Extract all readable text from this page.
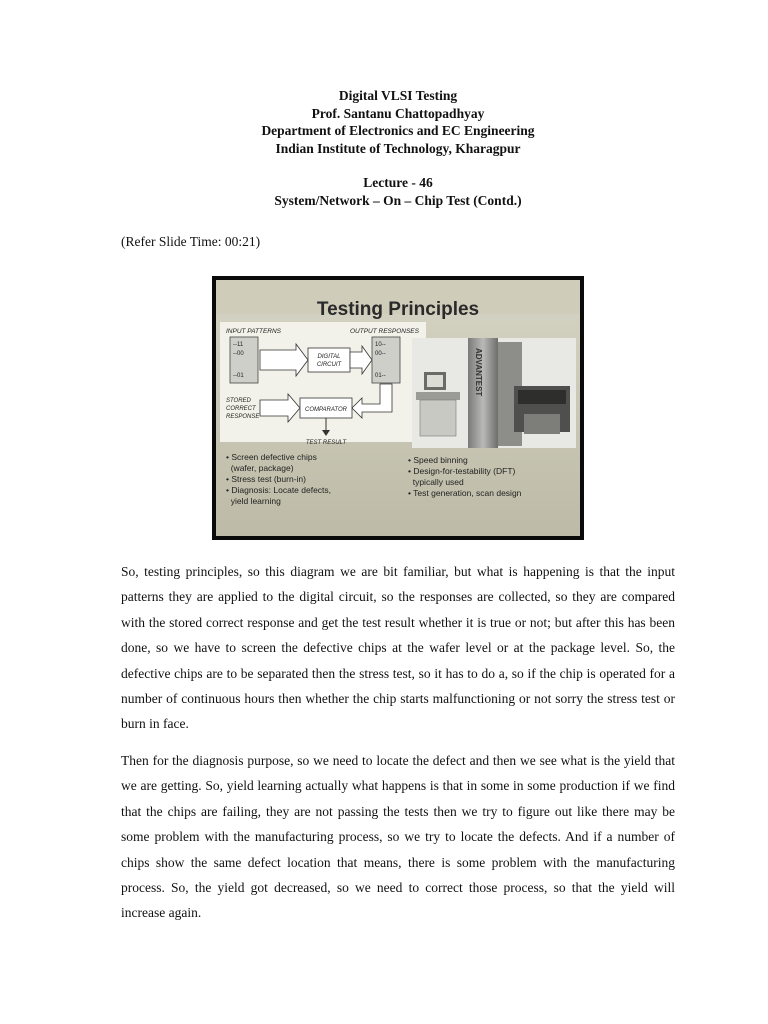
Digital VLSI Testing
Prof. Santanu Chattopadhyay
Department of Electronics and EC Engineering
Indian Institute of Technology, Kharagpur
Lecture - 46
System/Network – On – Chip Test (Contd.)
(Refer Slide Time: 00:21)
Testing Principles
INPUT PATTERNS	OUTPUT RESPONSES
--11
--00
--01
DIGITAL
CIRCUIT
10--
00--
01--
STORED
CORRECT
RESPONSE
COMPARATOR
TEST RESULT
ADVANTEST
• Screen defective chips
(wafer, package)
• Stress test (burn-in)
• Diagnosis: Locate defects,
yield learning
• Speed binning
• Design-for-testability (DFT)
typically used
• Test generation, scan design

So, testing principles, so this diagram we are bit familiar, but what is happening is that the input patterns they are applied to the digital circuit, so the responses are collected, so they are compared with the stored correct response and get the test result whether it is true or not; but after this has been done, so we have to screen the defective chips at the wafer level or at the package level. So, the defective chips are to be separated then the stress test, so it has to do a, so if the chip is operated for a number of continuous hours then whether the chip starts malfunctioning or not sorry the stress test or burn in face.

Then for the diagnosis purpose, so we need to locate the defect and then we see what is the yield that we are getting. So, yield learning actually what happens is that in some in some production if we find that the chips are failing, they are not passing the tests then we try to figure out like there may be some problem with the manufacturing process, so we try to locate the defects. And if a number of chips show the same defect location that means, there is some problem with the manufacturing process. So, the yield got decreased, so we need to correct those process, so that the yield will increase again.
